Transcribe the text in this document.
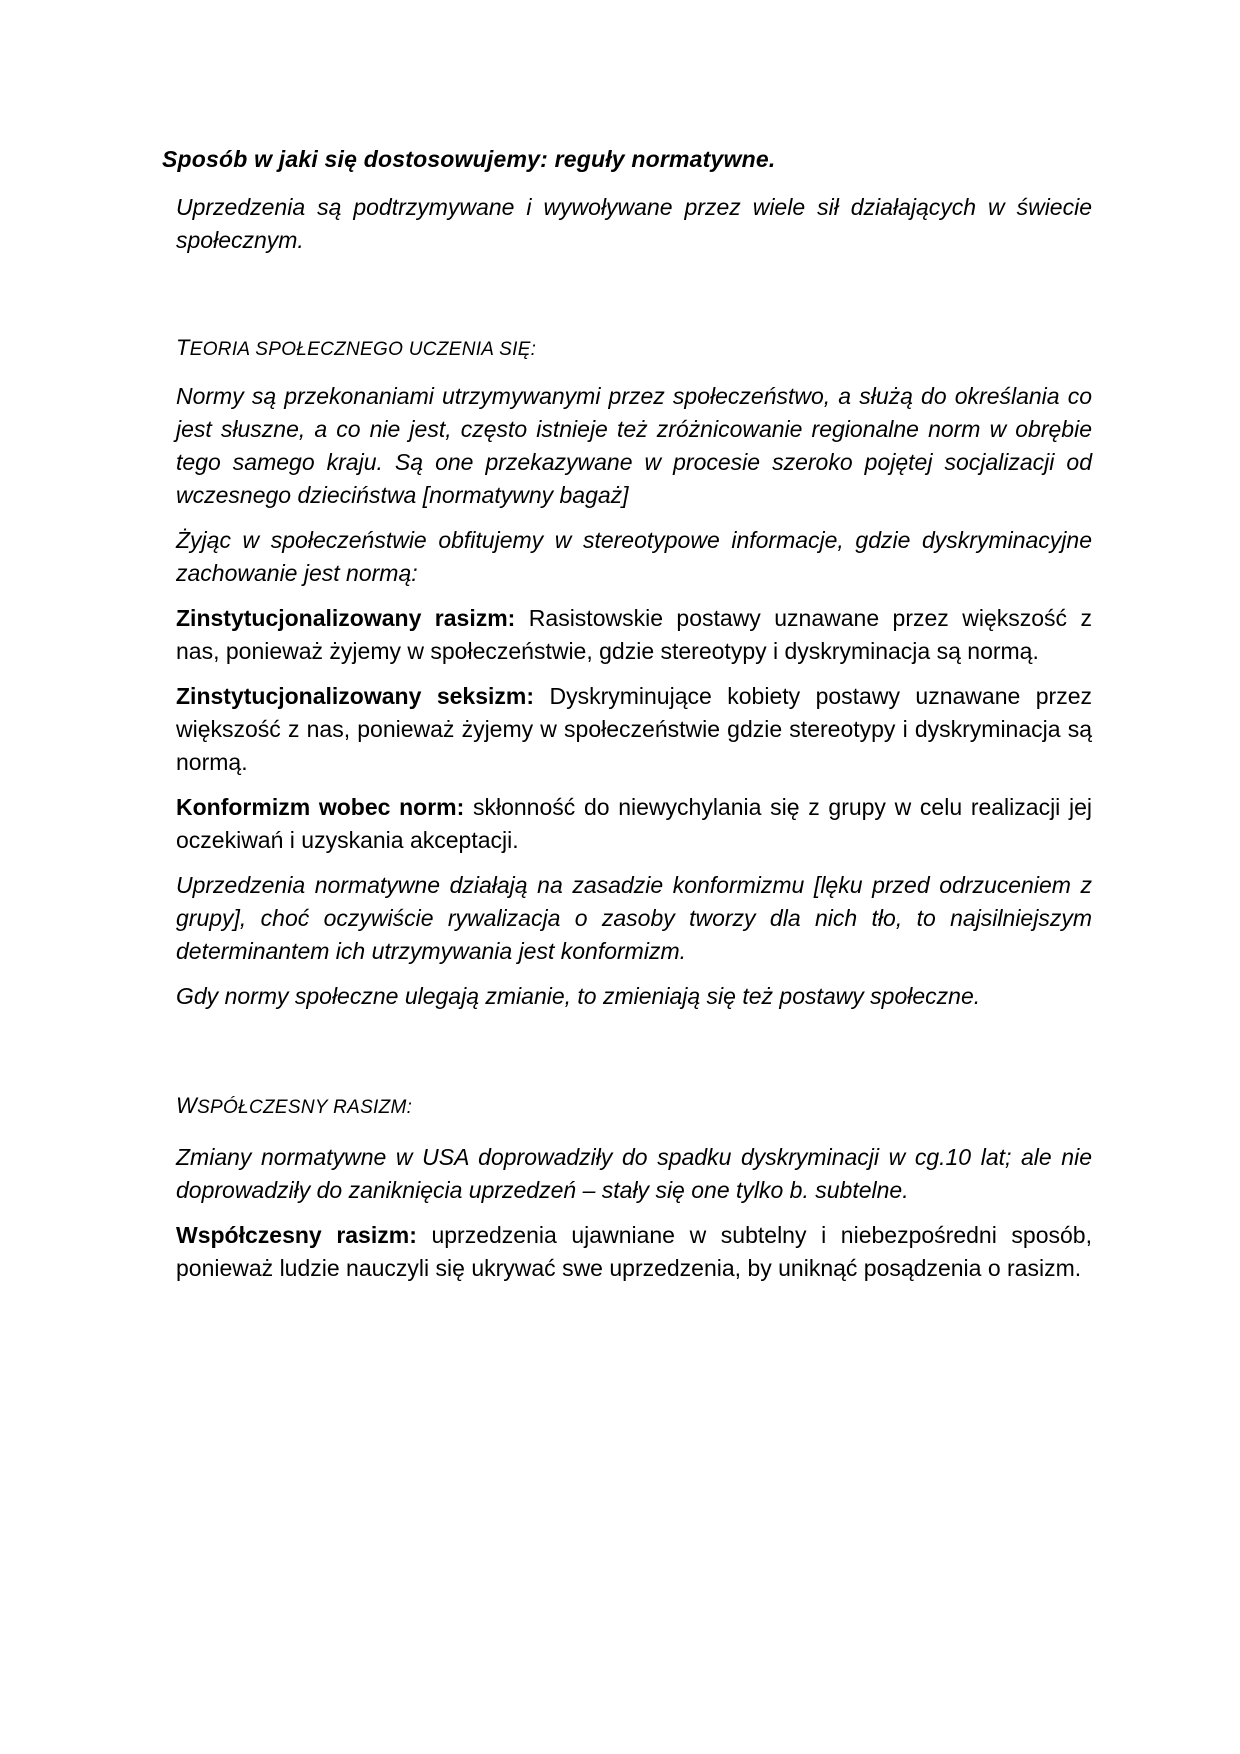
Sposób w jaki się dostosowujemy: reguły normatywne.

Uprzedzenia są podtrzymywane i wywoływane przez wiele sił działających w świecie społecznym.

TEORIA SPOŁECZNEGO UCZENIA SIĘ:

Normy są przekonaniami utrzymywanymi przez społeczeństwo, a służą do określania co jest słuszne, a co nie jest, często istnieje też zróżnicowanie regionalne norm w obrębie tego samego kraju. Są one przekazywane w procesie szeroko pojętej socjalizacji od wczesnego dzieciństwa [normatywny bagaż]

Żyjąc w społeczeństwie obfitujemy w stereotypowe informacje, gdzie dyskryminacyjne zachowanie jest normą:

Zinstytucjonalizowany rasizm: Rasistowskie postawy uznawane przez większość z nas, ponieważ żyjemy w społeczeństwie, gdzie stereotypy i dyskryminacja są normą.

Zinstytucjonalizowany seksizm: Dyskryminujące kobiety postawy uznawane przez większość z nas, ponieważ żyjemy w społeczeństwie gdzie stereotypy i dyskryminacja są normą.

Konformizm wobec norm: skłonność do niewychylania się z grupy w celu realizacji jej oczekiwań i uzyskania akceptacji.

Uprzedzenia normatywne działają na zasadzie konformizmu [lęku przed odrzuceniem z grupy], choć oczywiście rywalizacja o zasoby tworzy dla nich tło, to najsilniejszym determinantem ich utrzymywania jest konformizm.

Gdy normy społeczne ulegają zmianie, to zmieniają się też postawy społeczne.

WSPÓŁCZESNY RASIZM:

Zmiany normatywne w USA doprowadziły do spadku dyskryminacji w cg.10 lat; ale nie doprowadziły do zaniknięcia uprzedzeń – stały się one tylko b. subtelne.

Współczesny rasizm: uprzedzenia ujawniane w subtelny i niebezpośredni sposób, ponieważ ludzie nauczyli się ukrywać swe uprzedzenia, by uniknąć posądzenia o rasizm.
